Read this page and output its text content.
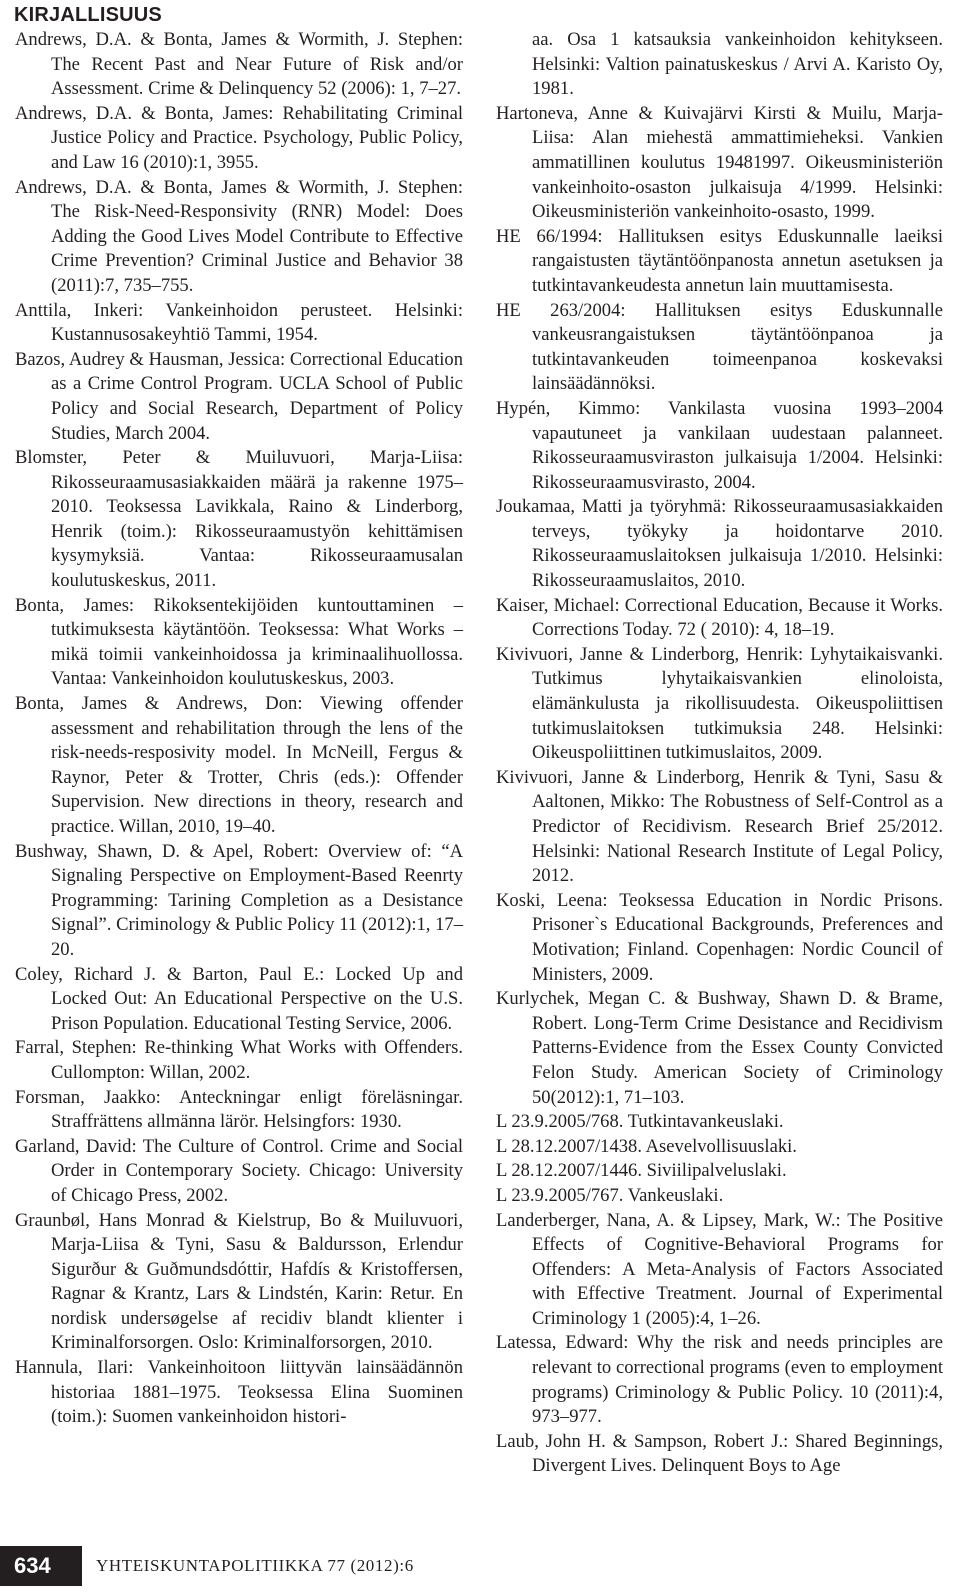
KIRJALLISUUS

Andrews, D.A. & Bonta, James & Wormith, J. Stephen: The Recent Past and Near Future of Risk and/or Assessment. Crime & Delinquency 52 (2006): 1, 7–27.

Andrews, D.A. & Bonta, James: Rehabilitating Criminal Justice Policy and Practice. Psychology, Public Policy, and Law 16 (2010):1, 3955.

Andrews, D.A. & Bonta, James & Wormith, J. Stephen: The Risk-Need-Responsivity (RNR) Model: Does Adding the Good Lives Model Contribute to Effective Crime Prevention? Criminal Justice and Behavior 38 (2011):7, 735–755.

Anttila, Inkeri: Vankeinhoidon perusteet. Helsinki: Kustannusosakeyhtiö Tammi, 1954.

Bazos, Audrey & Hausman, Jessica: Correctional Education as a Crime Control Program. UCLA School of Public Policy and Social Research, Department of Policy Studies, March 2004.

Blomster, Peter & Muiluvuori, Marja-Liisa: Rikosseuraamusasiakkaiden määrä ja rakenne 1975–2010. Teoksessa Lavikkala, Raino & Linderborg, Henrik (toim.): Rikosseuraamustyön kehittämisen kysymyksiä. Vantaa: Rikosseuraamusalan koulutuskeskus, 2011.

Bonta, James: Rikoksentekijöiden kuntouttaminen – tutkimuksesta käytäntöön. Teoksessa: What Works – mikä toimii vankeinhoidossa ja kriminaalihuollossa. Vantaa: Vankeinhoidon koulutuskeskus, 2003.

Bonta, James & Andrews, Don: Viewing offender assessment and rehabilitation through the lens of the risk-needs-resposivity model. In McNeill, Fergus & Raynor, Peter & Trotter, Chris (eds.): Offender Supervision. New directions in theory, research and practice. Willan, 2010, 19–40.

Bushway, Shawn, D. & Apel, Robert: Overview of: “A Signaling Perspective on Employment-Based Reenrty Programming: Tarining Completion as a Desistance Signal”. Criminology & Public Policy 11 (2012):1, 17–20.

Coley, Richard J. & Barton, Paul E.: Locked Up and Locked Out: An Educational Perspective on the U.S. Prison Population. Educational Testing Service, 2006.

Farral, Stephen: Re-thinking What Works with Offenders. Cullompton: Willan, 2002.

Forsman, Jaakko: Anteckningar enligt föreläsningar. Straffrättens allmänna lärör. Helsingfors: 1930.

Garland, David: The Culture of Control. Crime and Social Order in Contemporary Society. Chicago: University of Chicago Press, 2002.

Graunbøl, Hans Monrad & Kielstrup, Bo & Muiluvuori, Marja-Liisa & Tyni, Sasu & Baldursson, Erlendur Sigurður & Guðmundsdóttir, Hafdís & Kristoffersen, Ragnar & Krantz, Lars & Lindstén, Karin: Retur. En nordisk undersøgelse af recidiv blandt klienter i Kriminalforsorgen. Oslo: Kriminalforsorgen, 2010.

Hannula, Ilari: Vankeinhoitoon liittyvän lainsäädännön historiaa 1881–1975. Teoksessa Elina Suominen (toim.): Suomen vankeinhoidon histori-

aa. Osa 1 katsauksia vankeinhoidon kehitykseen. Helsinki: Valtion painatuskeskus / Arvi A. Karisto Oy, 1981.

Hartoneva, Anne & Kuivajärvi Kirsti & Muilu, Marja-Liisa: Alan miehestä ammattimieheksi. Vankien ammatillinen koulutus 19481997. Oikeusministeriön vankeinhoito-osaston julkaisuja 4/1999. Helsinki: Oikeusministeriön vankeinhoito-osasto, 1999.

HE 66/1994: Hallituksen esitys Eduskunnalle laeiksi rangaistusten täytäntöönpanosta annetun asetuksen ja tutkintavankeudesta annetun lain muuttamisesta.

HE 263/2004: Hallituksen esitys Eduskunnalle vankeusrangaistuksen täytäntöönpanoa ja tutkintavankeuden toimeenpanoa koskevaksi lainsäädännöksi.

Hypén, Kimmo: Vankilasta vuosina 1993–2004 vapautuneet ja vankilaan uudestaan palanneet. Rikosseuraamusviraston julkaisuja 1/2004. Helsinki: Rikosseuraamusvirasto, 2004.

Joukamaa, Matti ja työryhmä: Rikosseuraamusasiakkaiden terveys, työkyky ja hoidontarve 2010. Rikosseuraamuslaitoksen julkaisuja 1/2010. Helsinki: Rikosseuraamuslaitos, 2010.

Kaiser, Michael: Correctional Education, Because it Works. Corrections Today. 72 ( 2010): 4, 18–19.

Kivivuori, Janne & Linderborg, Henrik: Lyhytaikaisvanki. Tutkimus lyhytaikaisvankien elinoloista, elämänkulusta ja rikollisuudesta. Oikeuspoliittisen tutkimuslaitoksen tutkimuksia 248. Helsinki: Oikeuspoliittinen tutkimuslaitos, 2009.

Kivivuori, Janne & Linderborg, Henrik & Tyni, Sasu & Aaltonen, Mikko: The Robustness of Self-Control as a Predictor of Recidivism. Research Brief 25/2012. Helsinki: National Research Institute of Legal Policy, 2012.

Koski, Leena: Teoksessa Education in Nordic Prisons. Prisoner`s Educational Backgrounds, Preferences and Motivation; Finland. Copenhagen: Nordic Council of Ministers, 2009.

Kurlychek, Megan C. & Bushway, Shawn D. & Brame, Robert. Long-Term Crime Desistance and Recidivism Patterns-Evidence from the Essex County Convicted Felon Study. American Society of Criminology 50(2012):1, 71–103.

L 23.9.2005/768. Tutkintavankeuslaki.

L 28.12.2007/1438. Asevelvollisuuslaki.

L 28.12.2007/1446. Siviilipalveluslaki.

L 23.9.2005/767. Vankeuslaki.

Landerberger, Nana, A. & Lipsey, Mark, W.: The Positive Effects of Cognitive-Behavioral Programs for Offenders: A Meta-Analysis of Factors Associated with Effective Treatment. Journal of Experimental Criminology 1 (2005):4, 1–26.

Latessa, Edward: Why the risk and needs principles are relevant to correctional programs (even to employment programs) Criminology & Public Policy. 10 (2011):4, 973–977.

Laub, John H. & Sampson, Robert J.: Shared Beginnings, Divergent Lives. Delinquent Boys to Age

634	YHTEISKUNTAPOLITIIKKA 77 (2012):6
